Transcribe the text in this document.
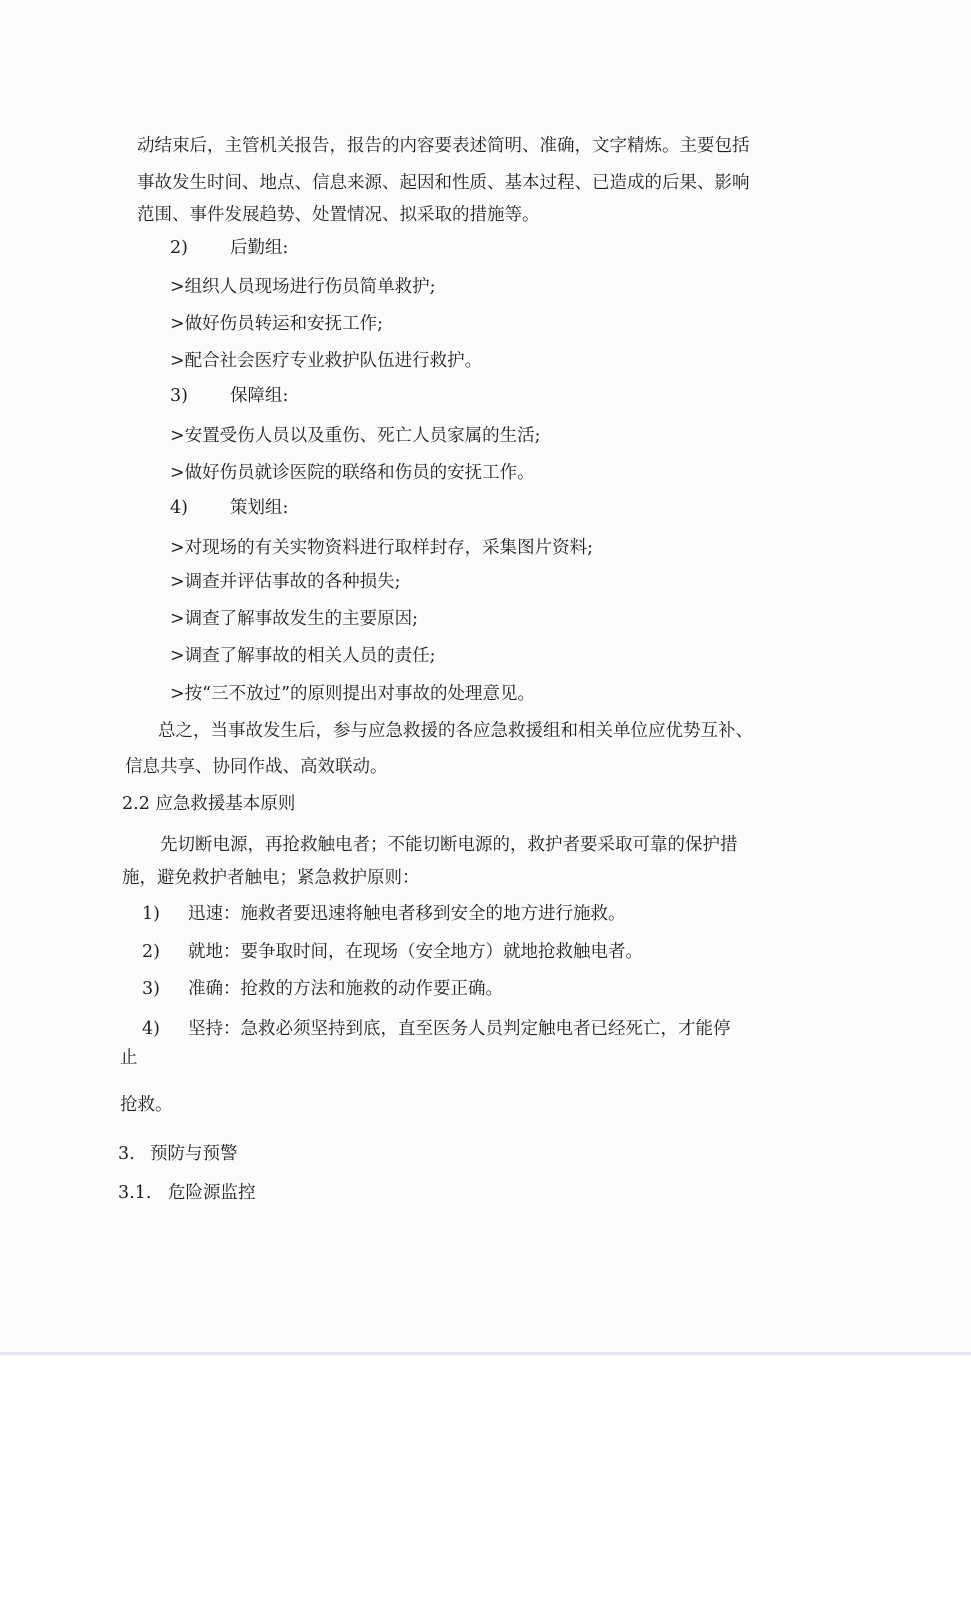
动结束后，主管机关报告，报告的内容要表述简明、准确，文字精炼。主要包括
事故发生时间、地点、信息来源、起因和性质、基本过程、已造成的后果、影响
范围、事件发展趋势、处置情况、拟采取的措施等。
2) 后勤组:
>组织人员现场进行伤员简单救护;
>做好伤员转运和安抚工作;
>配合社会医疗专业救护队伍进行救护。
3) 保障组:
>安置受伤人员以及重伤、死亡人员家属的生活;
>做好伤员就诊医院的联络和伤员的安抚工作。
4) 策划组:
>对现场的有关实物资料进行取样封存，采集图片资料;
>调查并评估事故的各种损失;
>调查了解事故发生的主要原因;
>调查了解事故的相关人员的责任;
>按“三不放过”的原则提出对事故的处理意见。
总之，当事故发生后，参与应急救援的各应急救援组和相关单位应优势互补、
信息共享、协同作战、高效联动。
2.2 应急救援基本原则
先切断电源，再抢救触电者；不能切断电源的，救护者要采取可靠的保护措
施，避免救护者触电；紧急救护原则：
1) 迅速：施救者要迅速将触电者移到安全的地方进行施救。
2) 就地：要争取时间，在现场（安全地方）就地抢救触电者。
3) 准确：抢救的方法和施救的动作要正确。
4) 坚持：急救必须坚持到底，直至医务人员判定触电者已经死亡，才能停
止
抢救。
3. 预防与预警
3.1. 危险源监控
